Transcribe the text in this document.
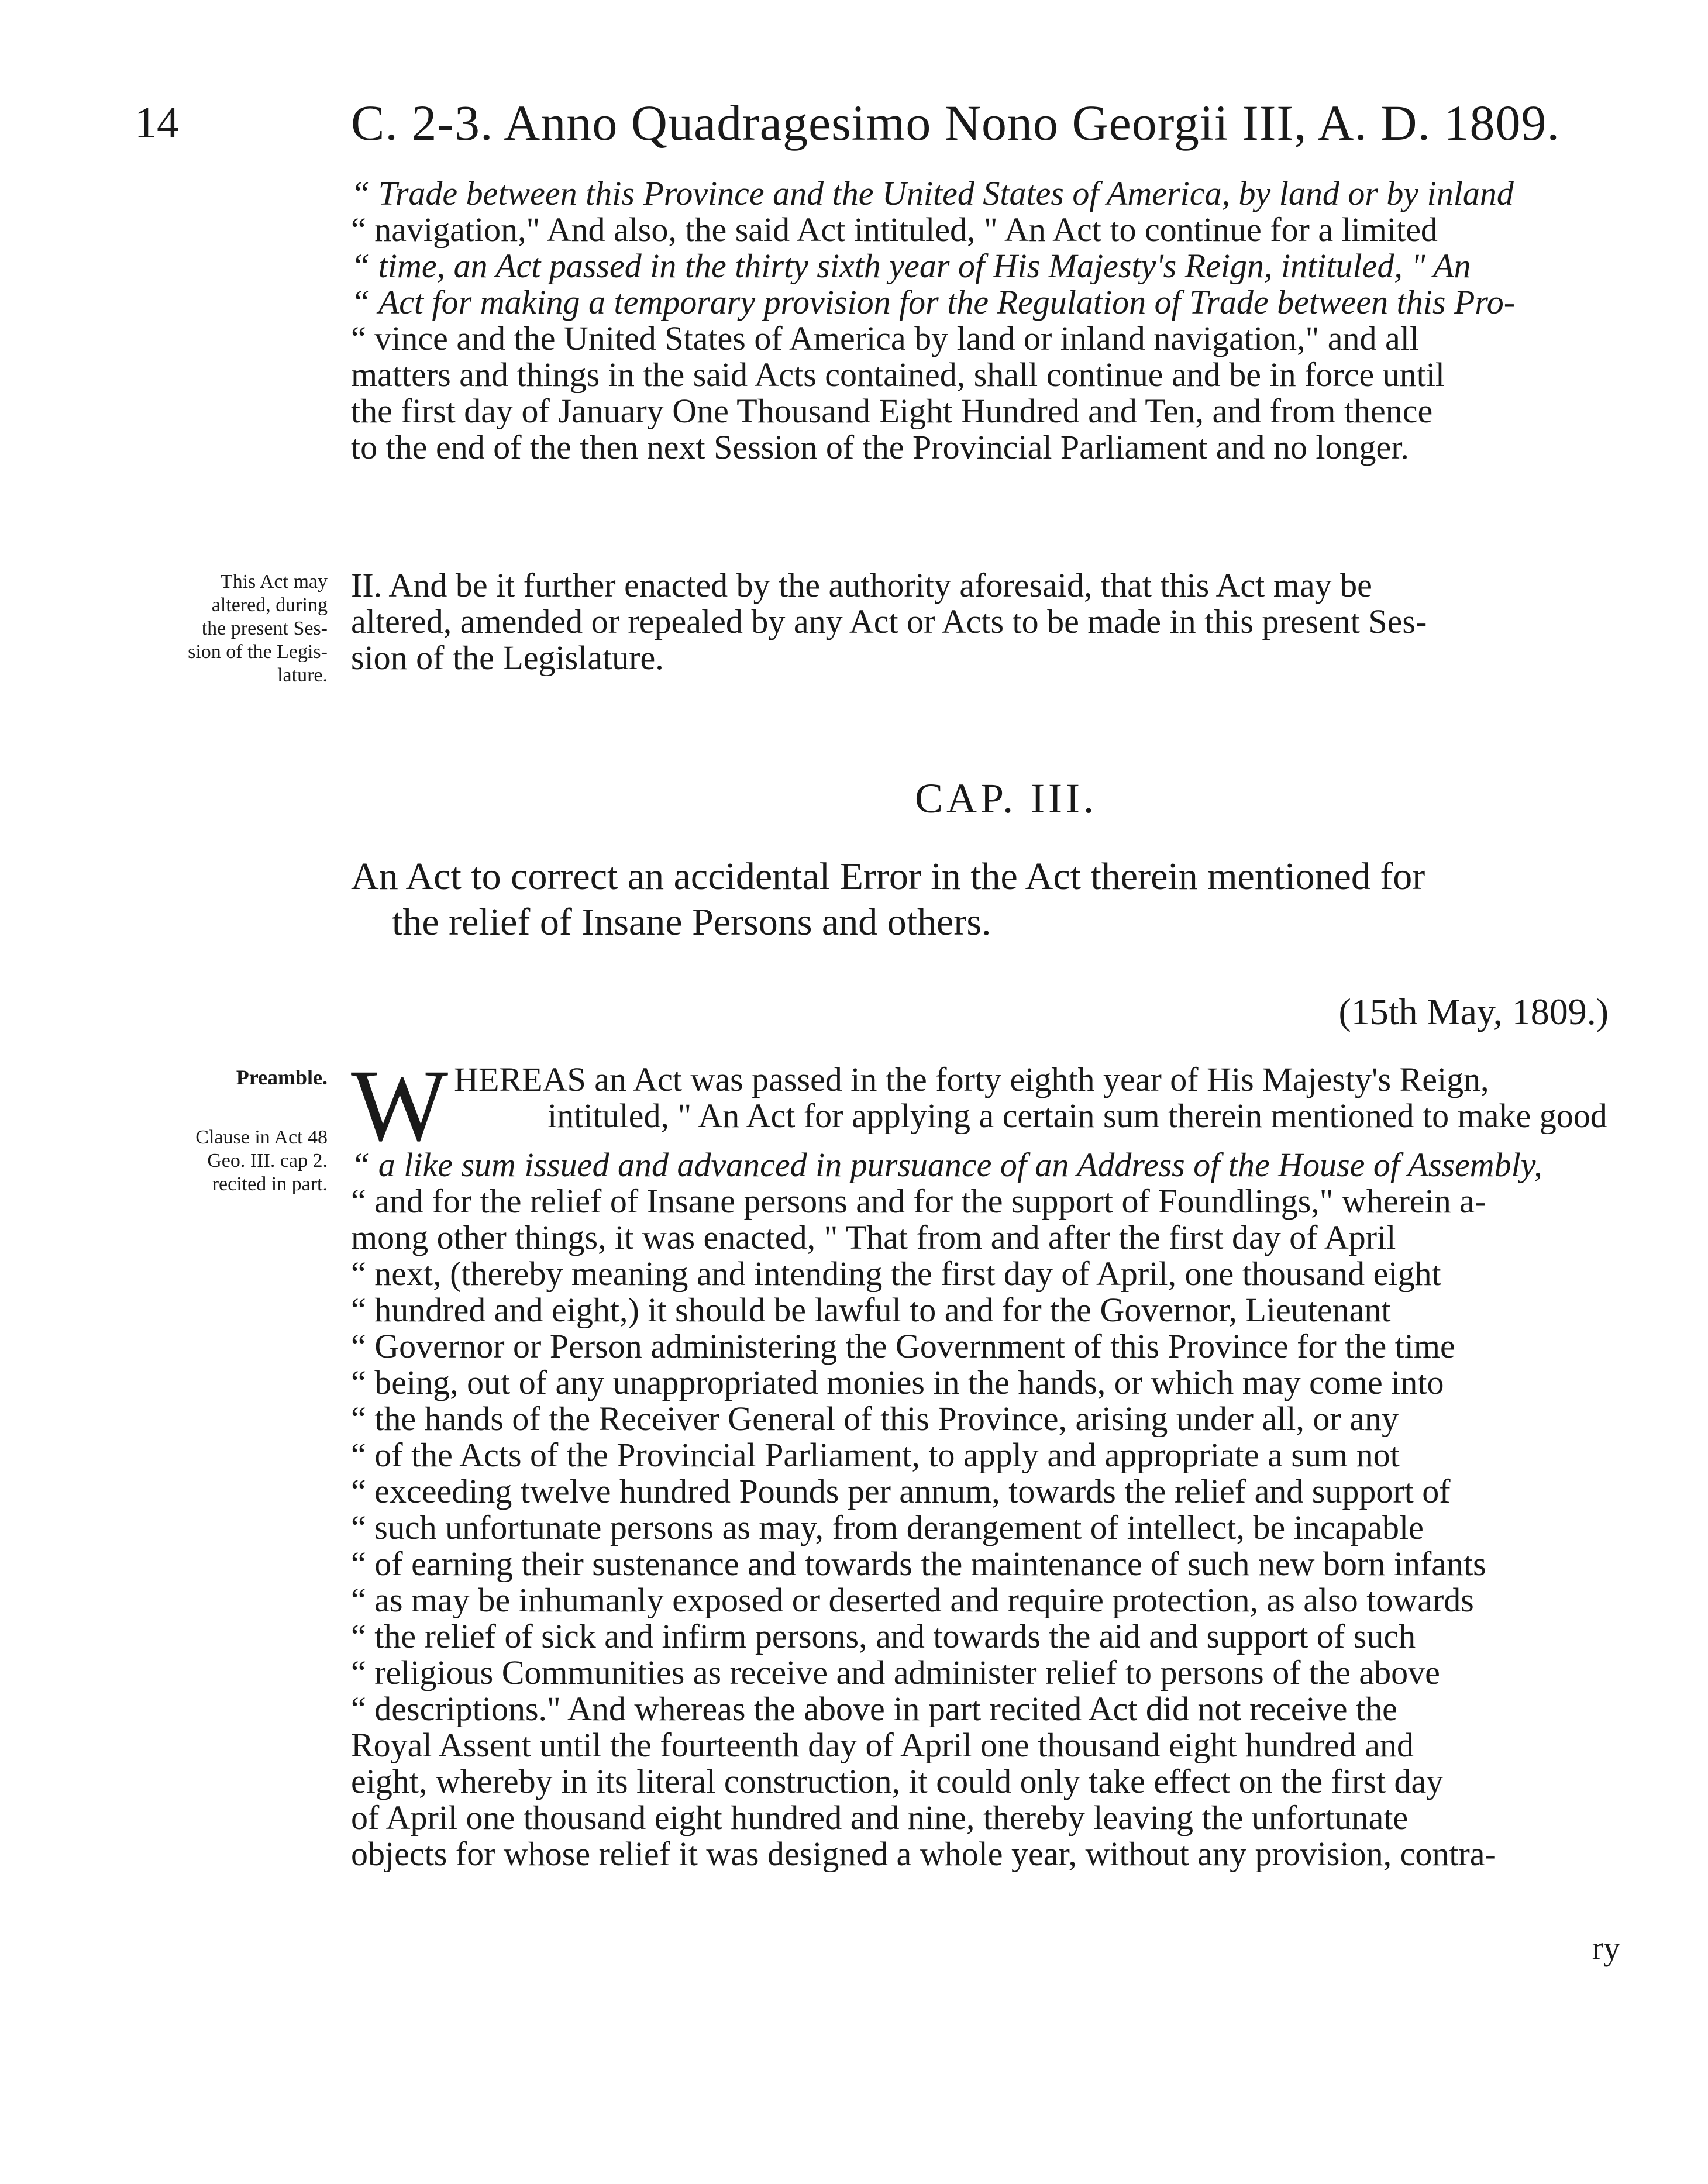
14	C. 2-3. Anno Quadragesimo Nono Georgii III, A. D. 1809.
“ Trade between this Province and the United States of America, by land or by inland
“ navigation," And also, the said Act intituled, " An Act to continue for a limited
“ time, an Act passed in the thirty sixth year of His Majesty's Reign, intituled, " An
“ Act for making a temporary provision for the Regulation of Trade between this Pro-
“ vince and the United States of America by land or inland navigation," and all
matters and things in the said Acts contained, shall continue and be in force until
the first day of January One Thousand Eight Hundred and Ten, and from thence
to the end of the then next Session of the Provincial Parliament and no longer.
This Act may
altered, during
the present Ses-
sion of the Legis-
lature.
II. And be it further enacted by the authority aforesaid, that this Act may be
altered, amended or repealed by any Act or Acts to be made in this present Ses-
sion of the Legislature.
CAP. III.
An Act to correct an accidental Error in the Act therein mentioned for
the relief of Insane Persons and others.
(15th May, 1809.)
Preamble.
Clause in Act 48
Geo. III. cap 2.
recited in part.
W HEREAS an Act was passed in the forty eighth year of His Majesty's Reign,
intituled, " An Act for applying a certain sum therein mentioned to make good
“ a like sum issued and advanced in pursuance of an Address of the House of Assembly,
“ and for the relief of Insane persons and for the support of Foundlings," wherein a-
mong other things, it was enacted, " That from and after the first day of April
“ next, (thereby meaning and intending the first day of April, one thousand eight
“ hundred and eight,) it should be lawful to and for the Governor, Lieutenant
“ Governor or Person administering the Government of this Province for the time
“ being, out of any unappropriated monies in the hands, or which may come into
“ the hands of the Receiver General of this Province, arising under all, or any
“ of the Acts of the Provincial Parliament, to apply and appropriate a sum not
“ exceeding twelve hundred Pounds per annum, towards the relief and support of
“ such unfortunate persons as may, from derangement of intellect, be incapable
“ of earning their sustenance and towards the maintenance of such new born infants
“ as may be inhumanly exposed or deserted and require protection, as also towards
“ the relief of sick and infirm persons, and towards the aid and support of such
“ religious Communities as receive and administer relief to persons of the above
“ descriptions." And whereas the above in part recited Act did not receive the
Royal Assent until the fourteenth day of April one thousand eight hundred and
eight, whereby in its literal construction, it could only take effect on the first day
of April one thousand eight hundred and nine, thereby leaving the unfortunate
objects for whose relief it was designed a whole year, without any provision, contra-
ry
